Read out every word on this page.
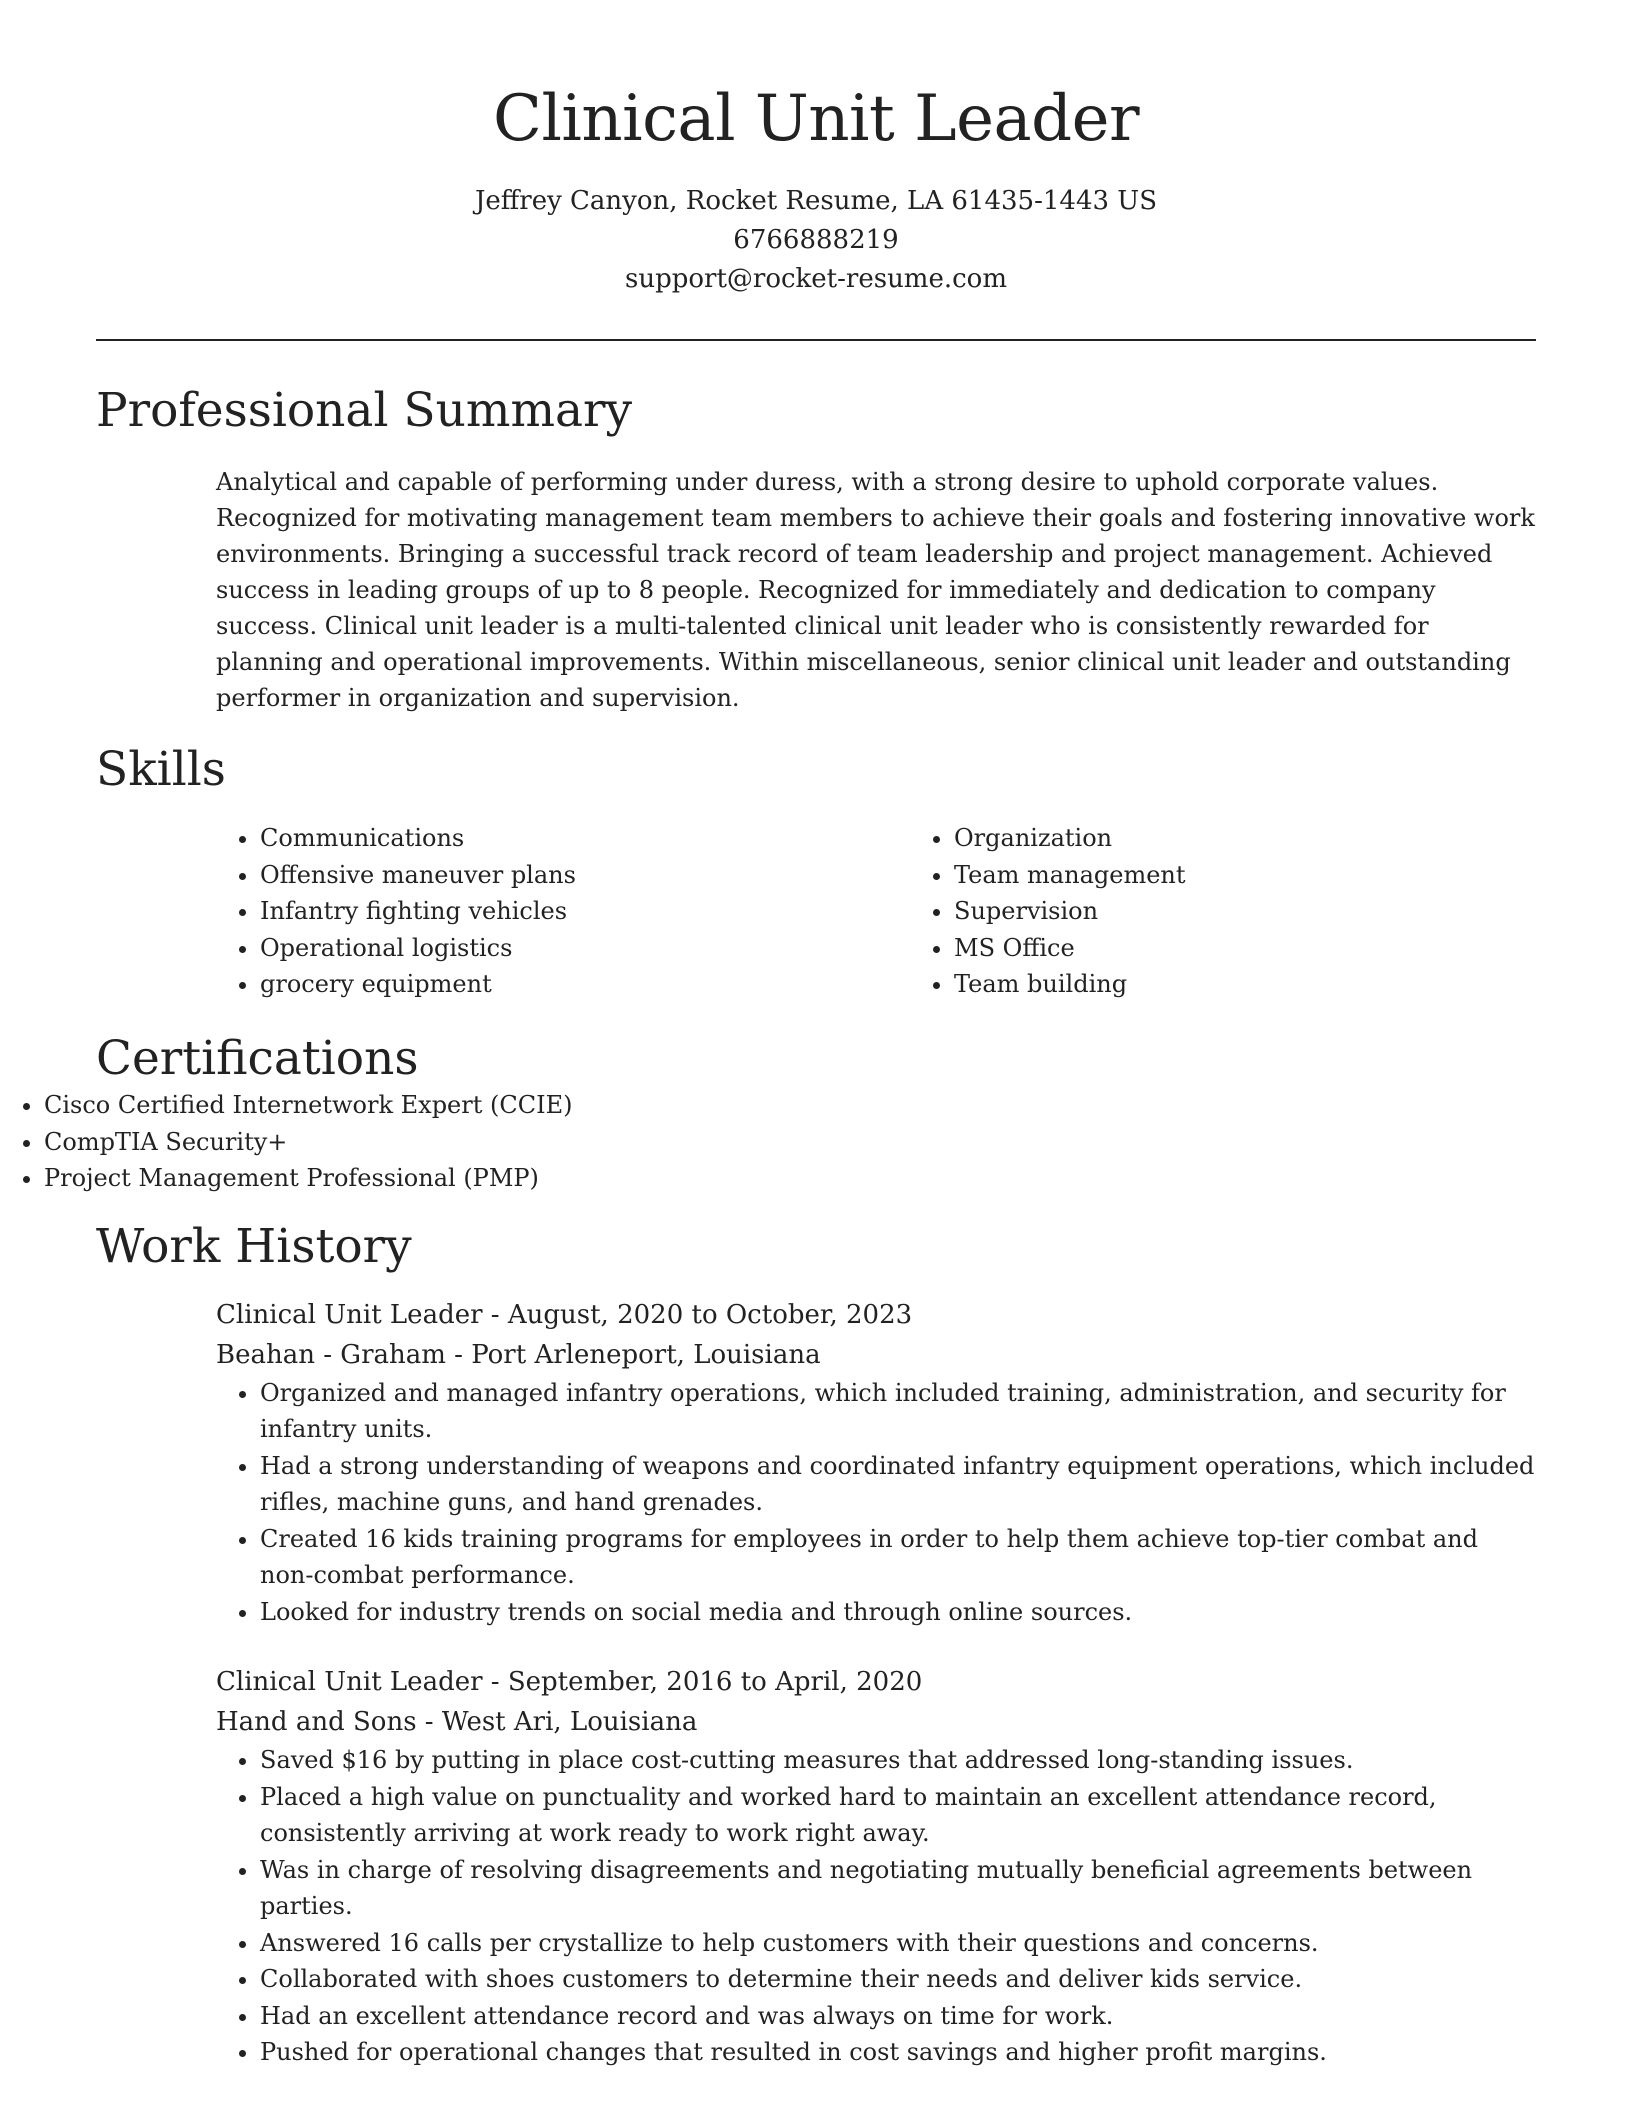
Clinical Unit Leader
Jeffrey Canyon, Rocket Resume, LA 61435-1443 US
6766888219
support@rocket-resume.com
Professional Summary

Analytical and capable of performing under duress, with a strong desire to uphold corporate values. Recognized for motivating management team members to achieve their goals and fostering innovative work environments. Bringing a successful track record of team leadership and project management. Achieved success in leading groups of up to 8 people. Recognized for immediately and dedication to company success. Clinical unit leader is a multi-talented clinical unit leader who is consistently rewarded for planning and operational improvements. Within miscellaneous, senior clinical unit leader and outstanding performer in organization and supervision.

Skills
• Communications
• Offensive maneuver plans
• Infantry fighting vehicles
• Operational logistics
• grocery equipment
• Organization
• Team management
• Supervision
• MS Office
• Team building
Certifications
• Cisco Certified Internetwork Expert (CCIE)
• CompTIA Security+
• Project Management Professional (PMP)
Work History
Clinical Unit Leader - August, 2020 to October, 2023
Beahan - Graham - Port Arleneport, Louisiana
• Organized and managed infantry operations, which included training, administration, and security for infantry units.
• Had a strong understanding of weapons and coordinated infantry equipment operations, which included rifles, machine guns, and hand grenades.
• Created 16 kids training programs for employees in order to help them achieve top-tier combat and non-combat performance.
• Looked for industry trends on social media and through online sources.
Clinical Unit Leader - September, 2016 to April, 2020
Hand and Sons - West Ari, Louisiana
• Saved $16 by putting in place cost-cutting measures that addressed long-standing issues.
• Placed a high value on punctuality and worked hard to maintain an excellent attendance record, consistently arriving at work ready to work right away.
• Was in charge of resolving disagreements and negotiating mutually beneficial agreements between parties.
• Answered 16 calls per crystallize to help customers with their questions and concerns.
• Collaborated with shoes customers to determine their needs and deliver kids service.
• Had an excellent attendance record and was always on time for work.
• Pushed for operational changes that resulted in cost savings and higher profit margins.
